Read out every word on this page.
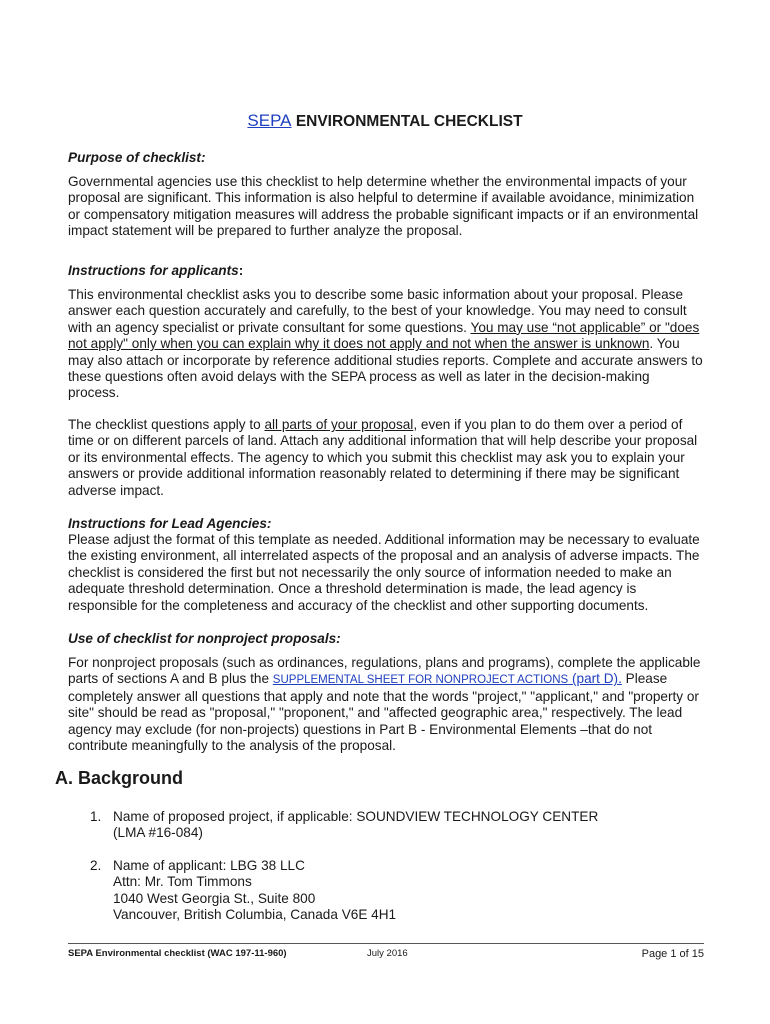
SEPA ENVIRONMENTAL CHECKLIST
Purpose of checklist:
Governmental agencies use this checklist to help determine whether the environmental impacts of your proposal are significant. This information is also helpful to determine if available avoidance, minimization or compensatory mitigation measures will address the probable significant impacts or if an environmental impact statement will be prepared to further analyze the proposal.
Instructions for applicants:
This environmental checklist asks you to describe some basic information about your proposal. Please answer each question accurately and carefully, to the best of your knowledge. You may need to consult with an agency specialist or private consultant for some questions. You may use “not applicable” or "does not apply" only when you can explain why it does not apply and not when the answer is unknown. You may also attach or incorporate by reference additional studies reports. Complete and accurate answers to these questions often avoid delays with the SEPA process as well as later in the decision-making process.
The checklist questions apply to all parts of your proposal, even if you plan to do them over a period of time or on different parcels of land. Attach any additional information that will help describe your proposal or its environmental effects. The agency to which you submit this checklist may ask you to explain your answers or provide additional information reasonably related to determining if there may be significant adverse impact.
Instructions for Lead Agencies:
Please adjust the format of this template as needed. Additional information may be necessary to evaluate the existing environment, all interrelated aspects of the proposal and an analysis of adverse impacts. The checklist is considered the first but not necessarily the only source of information needed to make an adequate threshold determination. Once a threshold determination is made, the lead agency is responsible for the completeness and accuracy of the checklist and other supporting documents.
Use of checklist for nonproject proposals:
For nonproject proposals (such as ordinances, regulations, plans and programs), complete the applicable parts of sections A and B plus the SUPPLEMENTAL SHEET FOR NONPROJECT ACTIONS (part D). Please completely answer all questions that apply and note that the words "project," "applicant," and "property or site" should be read as "proposal," "proponent," and "affected geographic area," respectively. The lead agency may exclude (for non-projects) questions in Part B - Environmental Elements –that do not contribute meaningfully to the analysis of the proposal.
A. Background
1. Name of proposed project, if applicable: SOUNDVIEW TECHNOLOGY CENTER
(LMA #16-084)
2. Name of applicant: LBG 38 LLC
Attn: Mr. Tom Timmons
1040 West Georgia St., Suite 800
Vancouver, British Columbia, Canada V6E 4H1
SEPA Environmental checklist (WAC 197-11-960)	July 2016	Page 1 of 15
